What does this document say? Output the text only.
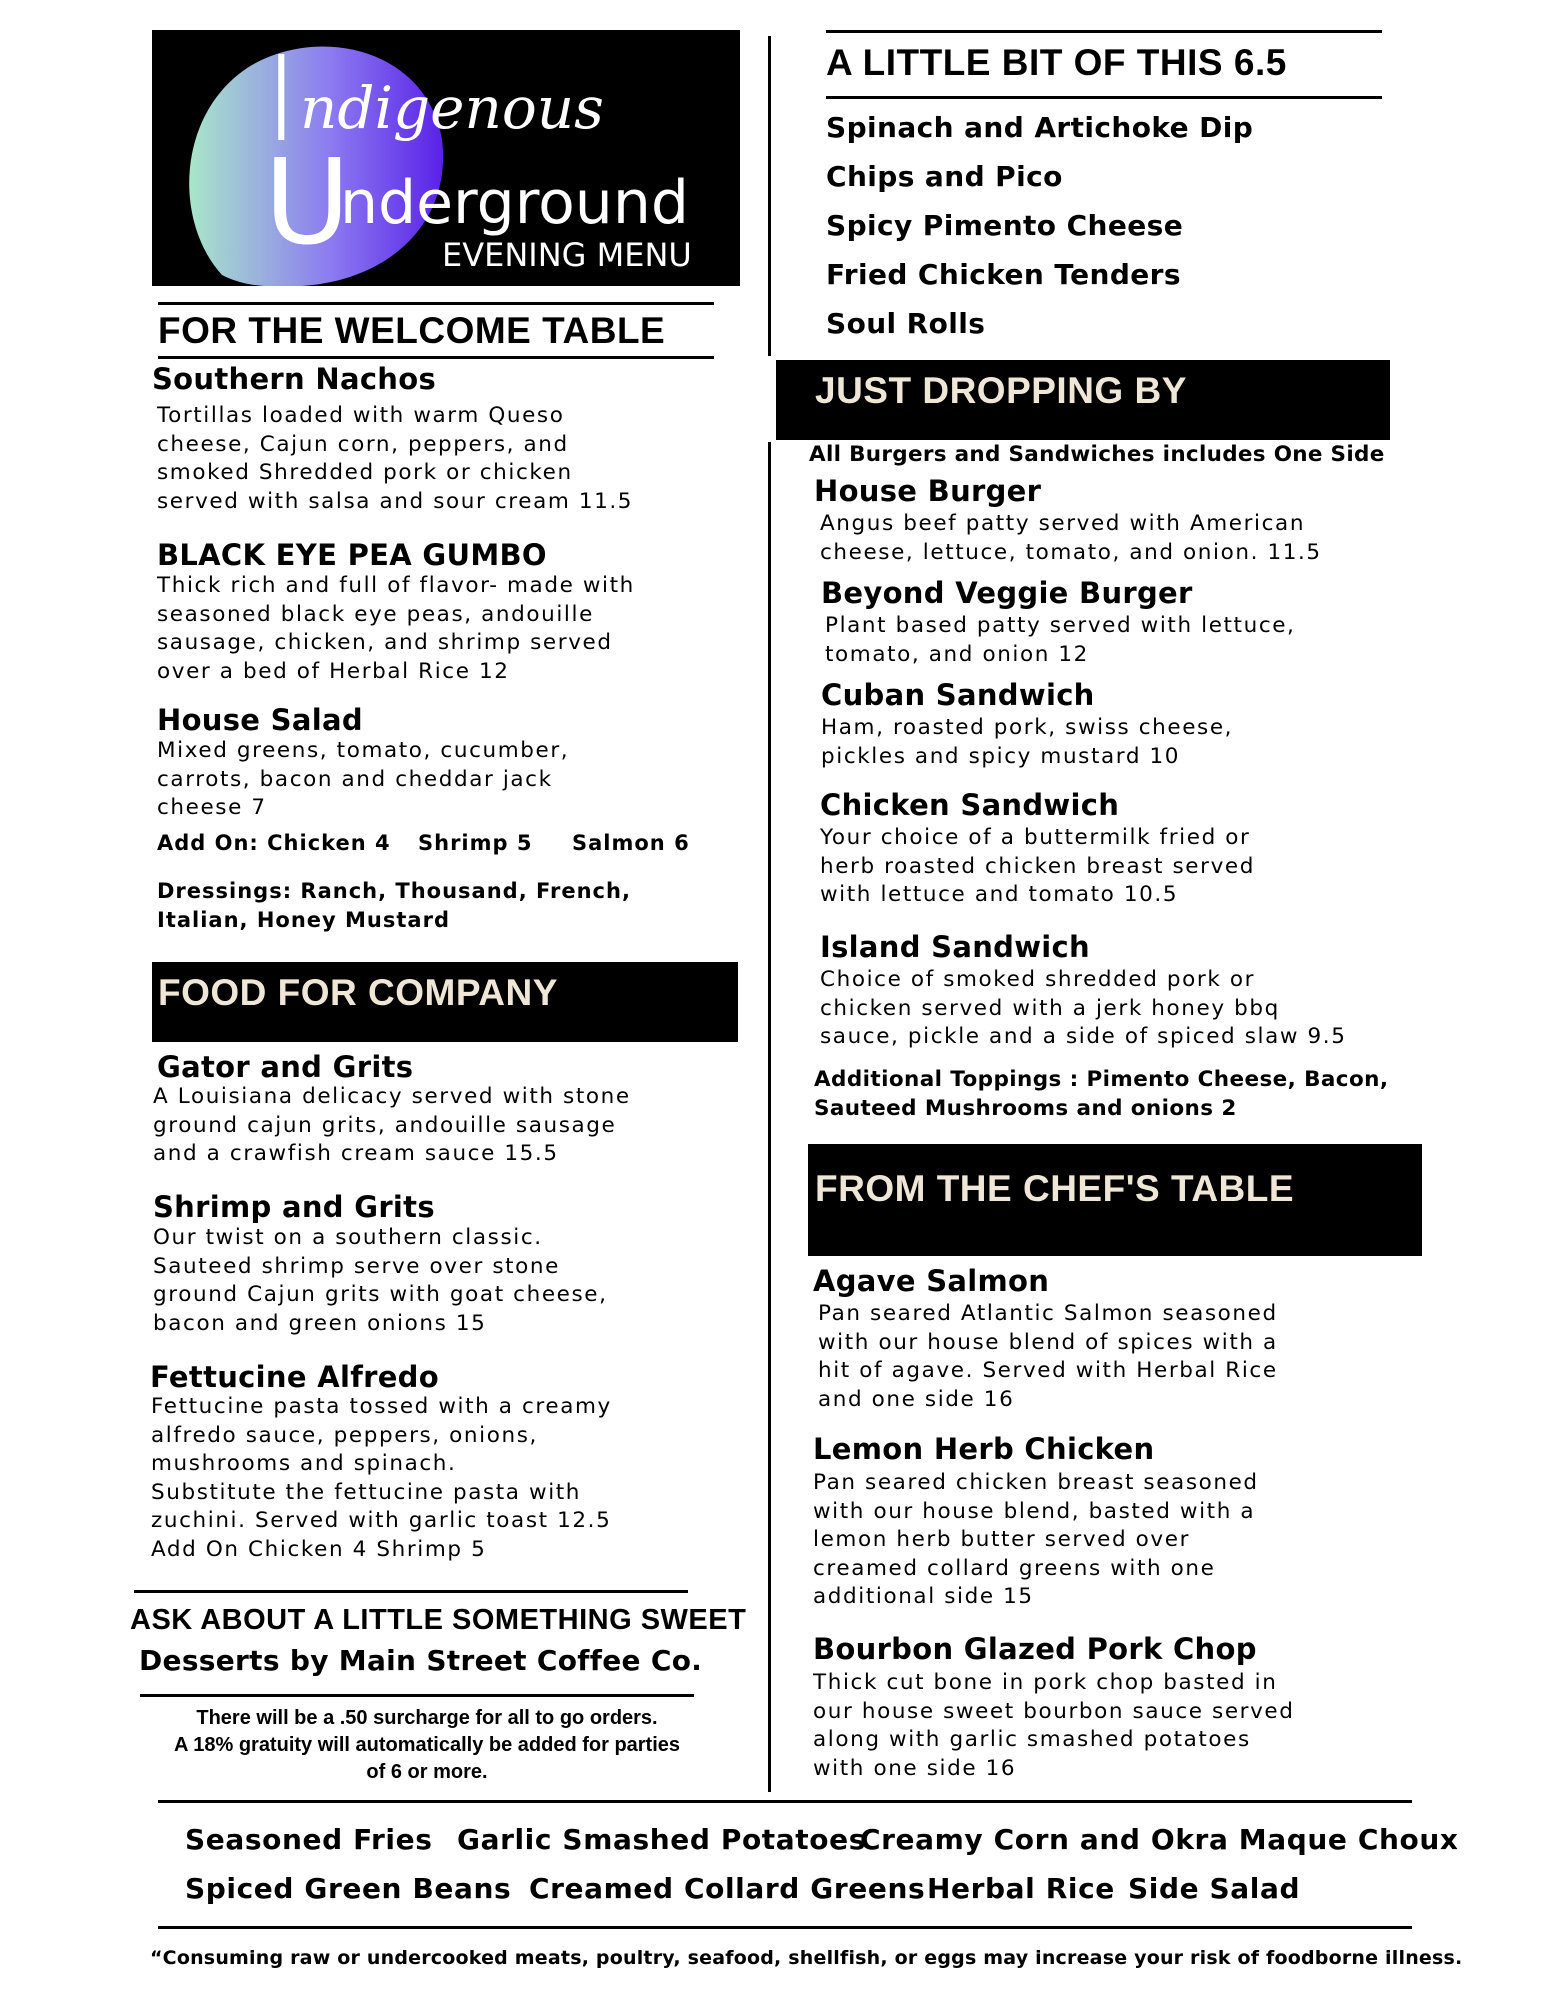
I ndigenous
U
nderground
EVENING MENU
FOR THE WELCOME TABLE
Southern Nachos
Tortillas loaded with warm Queso
cheese, Cajun corn, peppers, and
smoked Shredded pork or chicken
served with salsa and sour cream 11.5
BLACK EYE PEA GUMBO
Thick rich and full of flavor- made with
seasoned black eye peas, andouille
sausage, chicken, and shrimp served
over a bed of Herbal Rice 12
House Salad
Mixed greens, tomato, cucumber,
carrots, bacon and cheddar jack
cheese 7
Add On: Chicken 4 Shrimp 5 Salmon 6
Dressings: Ranch, Thousand, French,
Italian, Honey Mustard
FOOD FOR COMPANY
Gator and Grits
A Louisiana delicacy served with stone
ground cajun grits, andouille sausage
and a crawfish cream sauce 15.5
Shrimp and Grits
Our twist on a southern classic.
Sauteed shrimp serve over stone
ground Cajun grits with goat cheese,
bacon and green onions 15
Fettucine Alfredo
Fettucine pasta tossed with a creamy
alfredo sauce, peppers, onions,
mushrooms and spinach.
Substitute the fettucine pasta with
zuchini. Served with garlic toast 12.5
Add On Chicken 4 Shrimp 5
ASK ABOUT A LITTLE SOMETHING SWEET
Desserts by Main Street Coffee Co.
There will be a .50 surcharge for all to go orders.
A 18% gratuity will automatically be added for parties
of 6 or more.
A LITTLE BIT OF THIS 6.5
Spinach and Artichoke Dip
Chips and Pico
Spicy Pimento Cheese
Fried Chicken Tenders
Soul Rolls
JUST DROPPING BY
All Burgers and Sandwiches includes One Side
House Burger
Angus beef patty served with American
cheese, lettuce, tomato, and onion. 11.5
Beyond Veggie Burger
Plant based patty served with lettuce,
tomato, and onion 12
Cuban Sandwich
Ham, roasted pork, swiss cheese,
pickles and spicy mustard 10
Chicken Sandwich
Your choice of a buttermilk fried or
herb roasted chicken breast served
with lettuce and tomato 10.5
Island Sandwich
Choice of smoked shredded pork or
chicken served with a jerk honey bbq
sauce, pickle and a side of spiced slaw 9.5
Additional Toppings : Pimento Cheese, Bacon,
Sauteed Mushrooms and onions 2
FROM THE CHEF'S TABLE
Agave Salmon
Pan seared Atlantic Salmon seasoned
with our house blend of spices with a
hit of agave. Served with Herbal Rice
and one side 16
Lemon Herb Chicken
Pan seared chicken breast seasoned
with our house blend, basted with a
lemon herb butter served over
creamed collard greens with one
additional side 15
Bourbon Glazed Pork Chop
Thick cut bone in pork chop basted in
our house sweet bourbon sauce served
along with garlic smashed potatoes
with one side 16
Seasoned Fries Garlic Smashed Potatoes
Creamy Corn and Okra Maque Choux
Spiced Green Beans Creamed Collard Greens Herbal Rice Side Salad
“Consuming raw or undercooked meats, poultry, seafood, shellfish, or eggs may increase your risk of foodborne illness.
